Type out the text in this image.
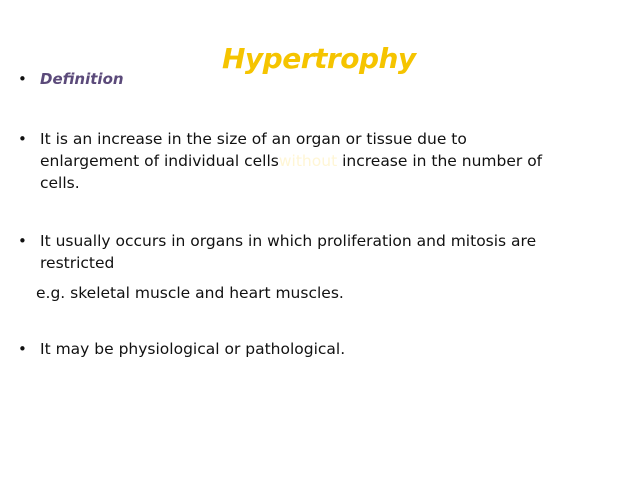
Hypertrophy
• Definition
• It is an increase in the size of an organ or tissue due to
enlargement of individual cellswithout increase in the number of
cells.
• It usually occurs in organs in which proliferation and mitosis are
restricted
e.g. skeletal muscle and heart muscles.
• It may be physiological or pathological.
